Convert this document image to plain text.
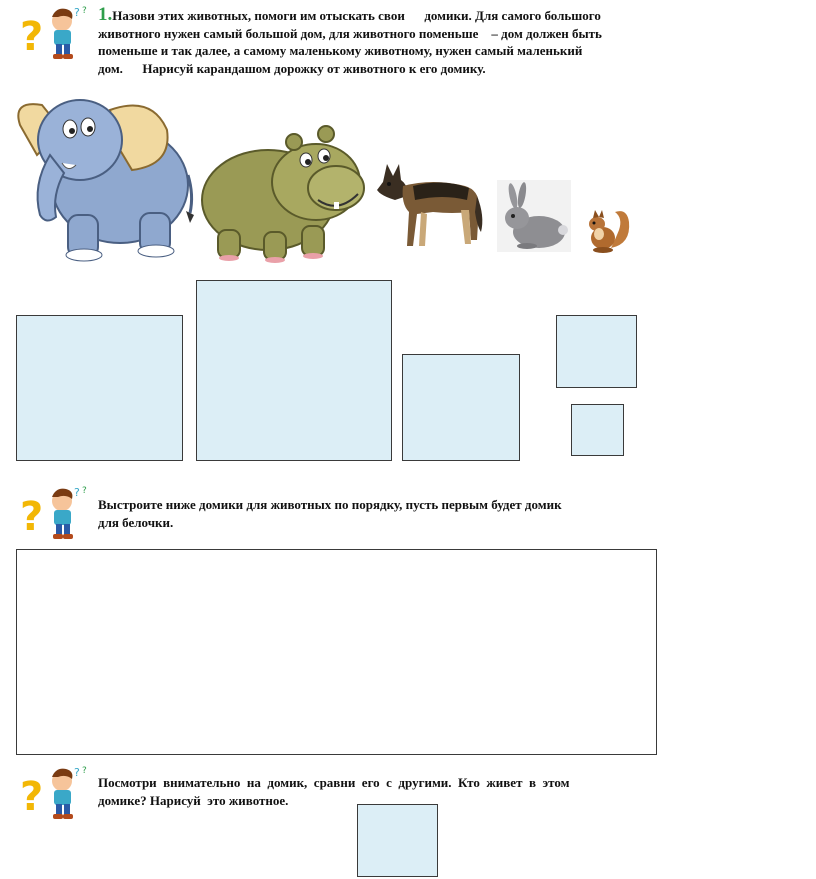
?
? ? 1.Назови этих животных, помоги им отыскать свои      домики. Для самого большого
животного нужен самый большой дом, для животного поменьше    – дом должен быть
поменьше и так далее, а самому маленькому животному, нужен самый маленький
дом.      Нарисуй карандашом дорожку от животного к его домику.
?
? ?
Выстроите ниже домики для животных по порядку, пусть первым будет домик
для белочки.
?
? ?
Посмотри  внимательно  на  домик,  сравни  его  с  другими.  Кто  живет  в  этом
домике? Нарисуй  это животное.
